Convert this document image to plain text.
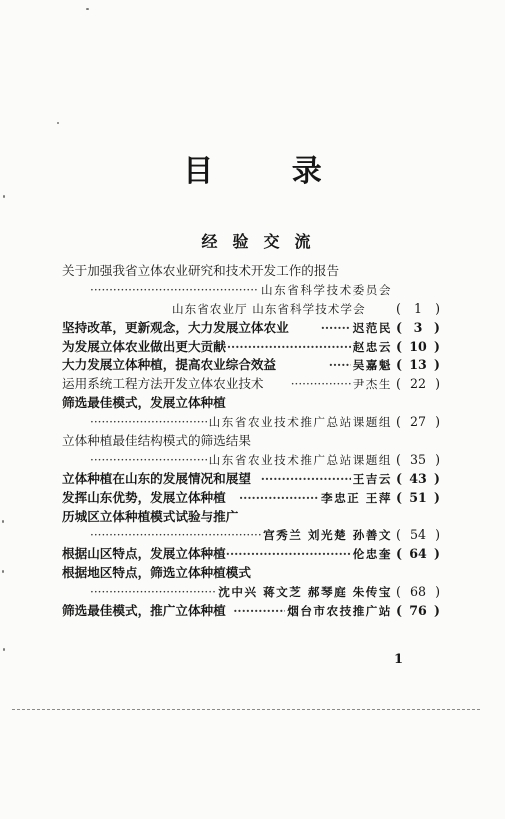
目 录
经验交流
关于加强我省立体农业研究和技术开发工作的报告
·····
山东省科学技术委员会
山东省农业厅 山东省科学技术学会 (	1	)
坚持改革，更新观念，大力发展立体农业 ·····	迟范民 ( 3 )
为发展立体农业做出更大贡献 ·····	赵忠云 ( 10 )
大力发展立体种植，提高农业综合效益 ·····	吴嘉魁 ( 13 )
运用系统工程方法开发立体农业技术 ·····	尹杰生 ( 22 )
筛选最佳模式，发展立体种植
·····
山东省农业技术推广总站课题组 ( 27 )
立体种植最佳结构模式的筛选结果
·····
山东省农业技术推广总站课题组 ( 35 )
立体种植在山东的发展情况和展望 ·····	王吉云 ( 43 )
发挥山东优势，发展立体种植 ·····	李忠正 王萍 ( 51 )
历城区立体种植模式试验与推广
·····
宫秀兰 刘光楚 孙善文 ( 54 )
根据山区特点，发展立体种植 ·····	伦忠奎 ( 64 )
根据地区特点，筛选立体种植模式
·····
沈中兴 蒋文芝 郝琴庭 朱传宝 ( 68 )
筛选最佳模式，推广立体种植 ·····	烟台市农技推广站 ( 76 )
1
